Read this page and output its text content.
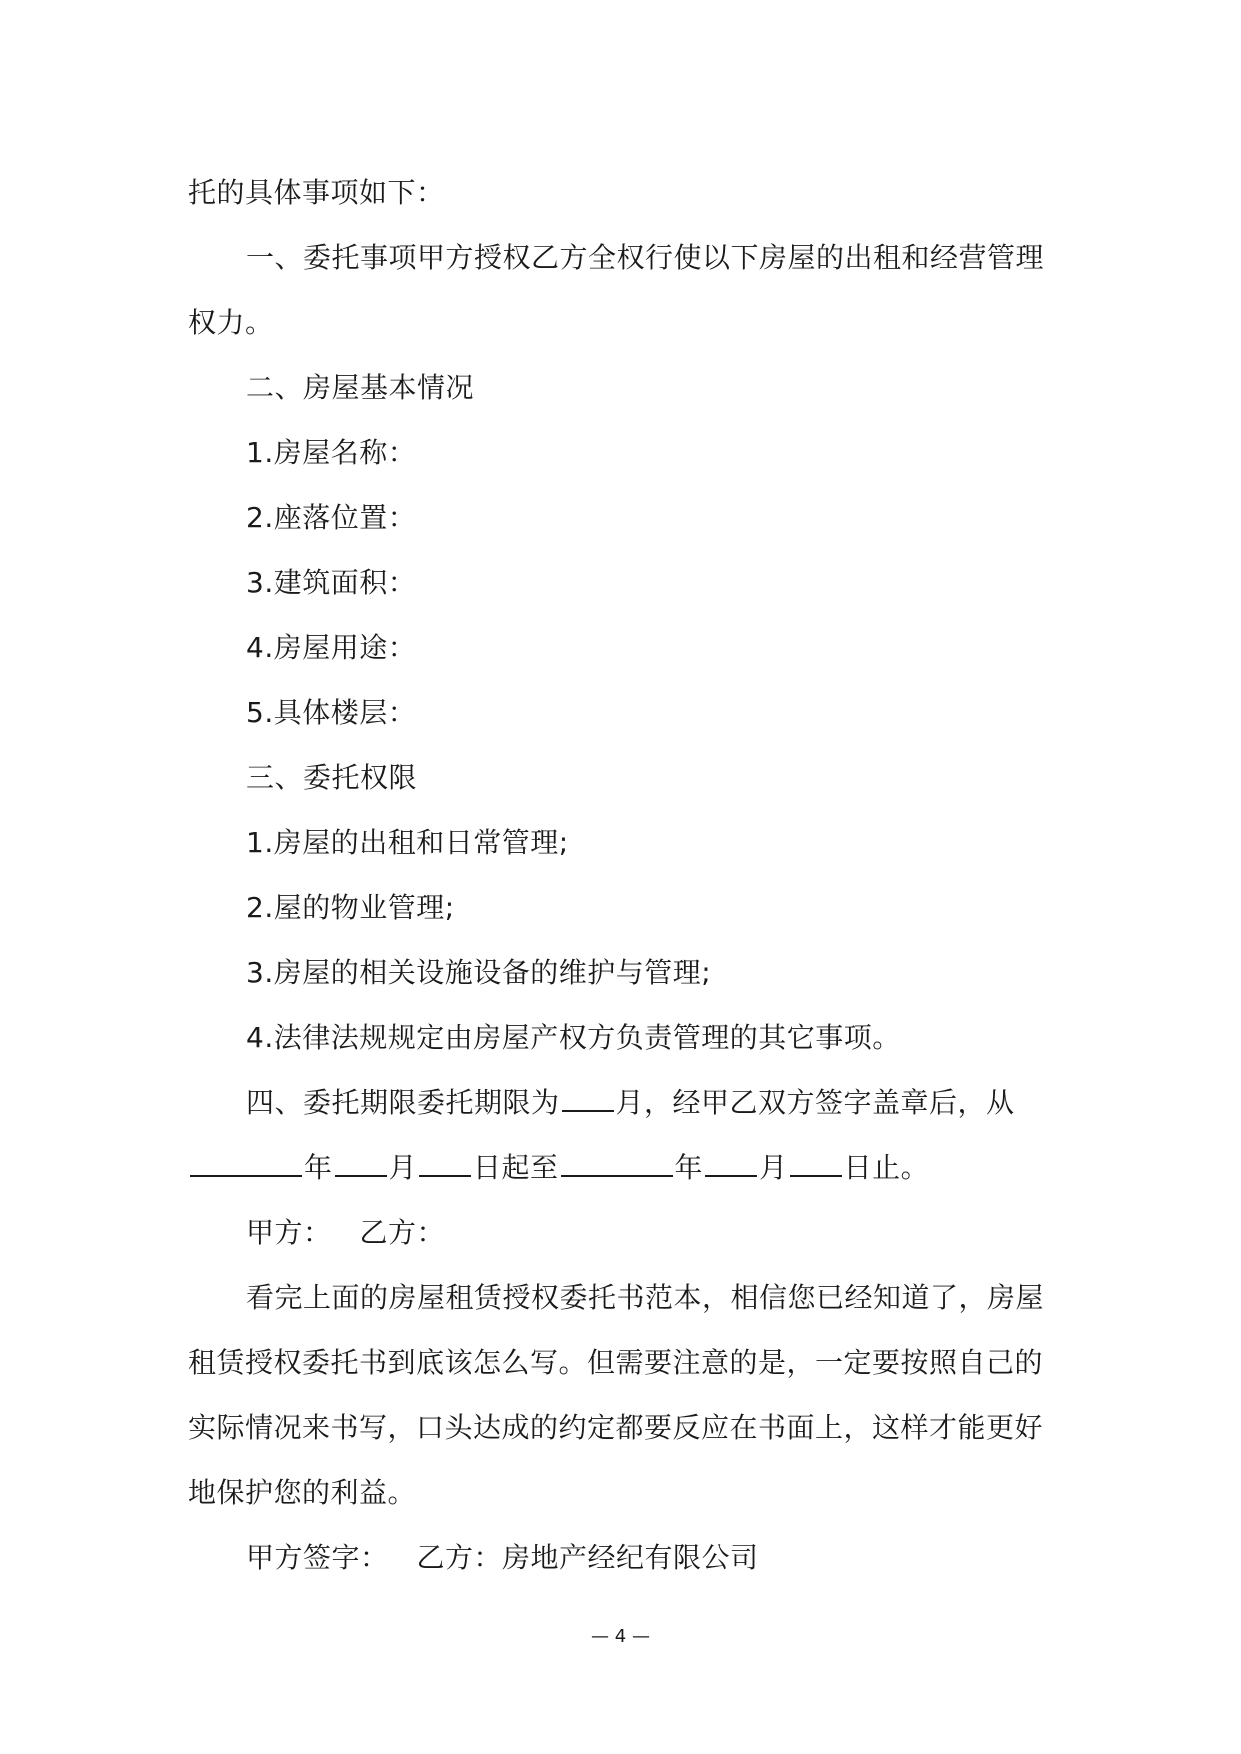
托的具体事项如下：
一、委托事项甲方授权乙方全权行使以下房屋的出租和经营管理
权力。
二、房屋基本情况
1.房屋名称：
2.座落位置：
3.建筑面积：
4.房屋用途：
5.具体楼层：
三、委托权限
1.房屋的出租和日常管理;
2.屋的物业管理;
3.房屋的相关设施设备的维护与管理;
4.法律法规规定由房屋产权方负责管理的其它事项。
四、委托期限委托期限为 月，经甲乙双方签字盖章后，从
年 月 日起至	年 月 日止。
甲方： 乙方：
看完上面的房屋租赁授权委托书范本，相信您已经知道了，房屋
租赁授权委托书到底该怎么写。但需要注意的是，一定要按照自己的
实际情况来书写，口头达成的约定都要反应在书面上，这样才能更好
地保护您的利益。
甲方签字： 乙方：房地产经纪有限公司
— 4 —
